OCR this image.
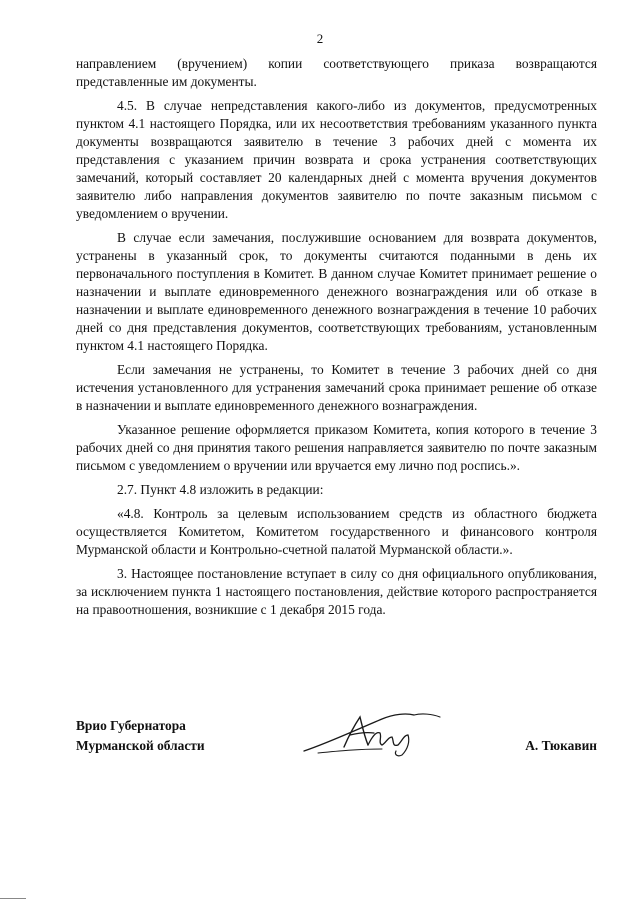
2

направлением (вручением) копии соответствующего приказа возвращаются представленные им документы.

4.5. В случае непредставления какого-либо из документов, предусмотренных пунктом 4.1 настоящего Порядка, или их несоответствия требованиям указанного пункта документы возвращаются заявителю в течение 3 рабочих дней с момента их представления с указанием причин возврата и срока устранения соответствующих замечаний, который составляет 20 календарных дней с момента вручения документов заявителю либо направления документов заявителю по почте заказным письмом с уведомлением о вручении.

В случае если замечания, послужившие основанием для возврата документов, устранены в указанный срок, то документы считаются поданными в день их первоначального поступления в Комитет. В данном случае Комитет принимает решение о назначении и выплате единовременного денежного вознаграждения или об отказе в назначении и выплате единовременного денежного вознаграждения в течение 10 рабочих дней со дня представления документов, соответствующих требованиям, установленным пунктом 4.1 настоящего Порядка.

Если замечания не устранены, то Комитет в течение 3 рабочих дней со дня истечения установленного для устранения замечаний срока принимает решение об отказе в назначении и выплате единовременного денежного вознаграждения.

Указанное решение оформляется приказом Комитета, копия которого в течение 3 рабочих дней со дня принятия такого решения направляется заявителю по почте заказным письмом с уведомлением о вручении или вручается ему лично под роспись.».

2.7. Пункт 4.8 изложить в редакции:

«4.8. Контроль за целевым использованием средств из областного бюджета осуществляется Комитетом, Комитетом государственного и финансового контроля Мурманской области и Контрольно-счетной палатой Мурманской области.».

3. Настоящее постановление вступает в силу со дня официального опубликования, за исключением пункта 1 настоящего постановления, действие которого распространяется на правоотношения, возникшие с 1 декабря 2015 года.

Врио Губернатора
Мурманской области	А. Тюкавин
